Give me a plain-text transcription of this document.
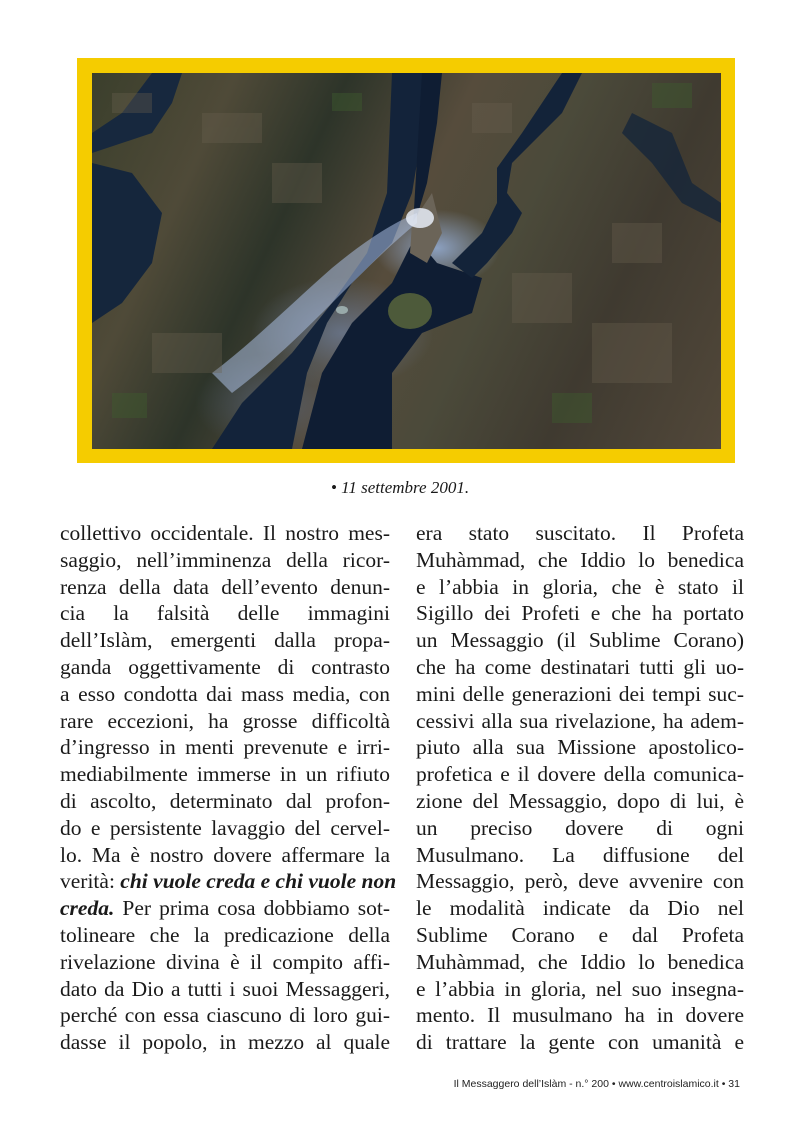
• 11 settembre 2001.
collettivo occidentale. Il nostro mes-
saggio, nell’imminenza della ricor-
renza della data dell’evento denun-
cia la falsità delle immagini
dell’Islàm, emergenti dalla propa-
ganda oggettivamente di contrasto
a esso condotta dai mass media, con
rare eccezioni, ha grosse difficoltà
d’ingresso in menti prevenute e irri-
mediabilmente immerse in un rifiuto
di ascolto, determinato dal profon-
do e persistente lavaggio del cervel-
lo. Ma è nostro dovere affermare la
verità: chi vuole creda e chi vuole non
creda. Per prima cosa dobbiamo sot-
tolineare che la predicazione della
rivelazione divina è il compito affi-
dato da Dio a tutti i suoi Messaggeri,
perché con essa ciascuno di loro gui-
dasse il popolo, in mezzo al quale
era stato suscitato. Il Profeta
Muhàmmad, che Iddio lo benedica
e l’abbia in gloria, che è stato il
Sigillo dei Profeti e che ha portato
un Messaggio (il Sublime Corano)
che ha come destinatari tutti gli uo-
mini delle generazioni dei tempi suc-
cessivi alla sua rivelazione, ha adem-
piuto alla sua Missione apostolico-
profetica e il dovere della comunica-
zione del Messaggio, dopo di lui, è
un preciso dovere di ogni
Musulmano. La diffusione del
Messaggio, però, deve avvenire con
le modalità indicate da Dio nel
Sublime Corano e dal Profeta
Muhàmmad, che Iddio lo benedica
e l’abbia in gloria, nel suo insegna-
mento. Il musulmano ha in dovere
di trattare la gente con umanità e
Il Messaggero dell’Islàm - n.° 200 • www.centroislamico.it • 31
